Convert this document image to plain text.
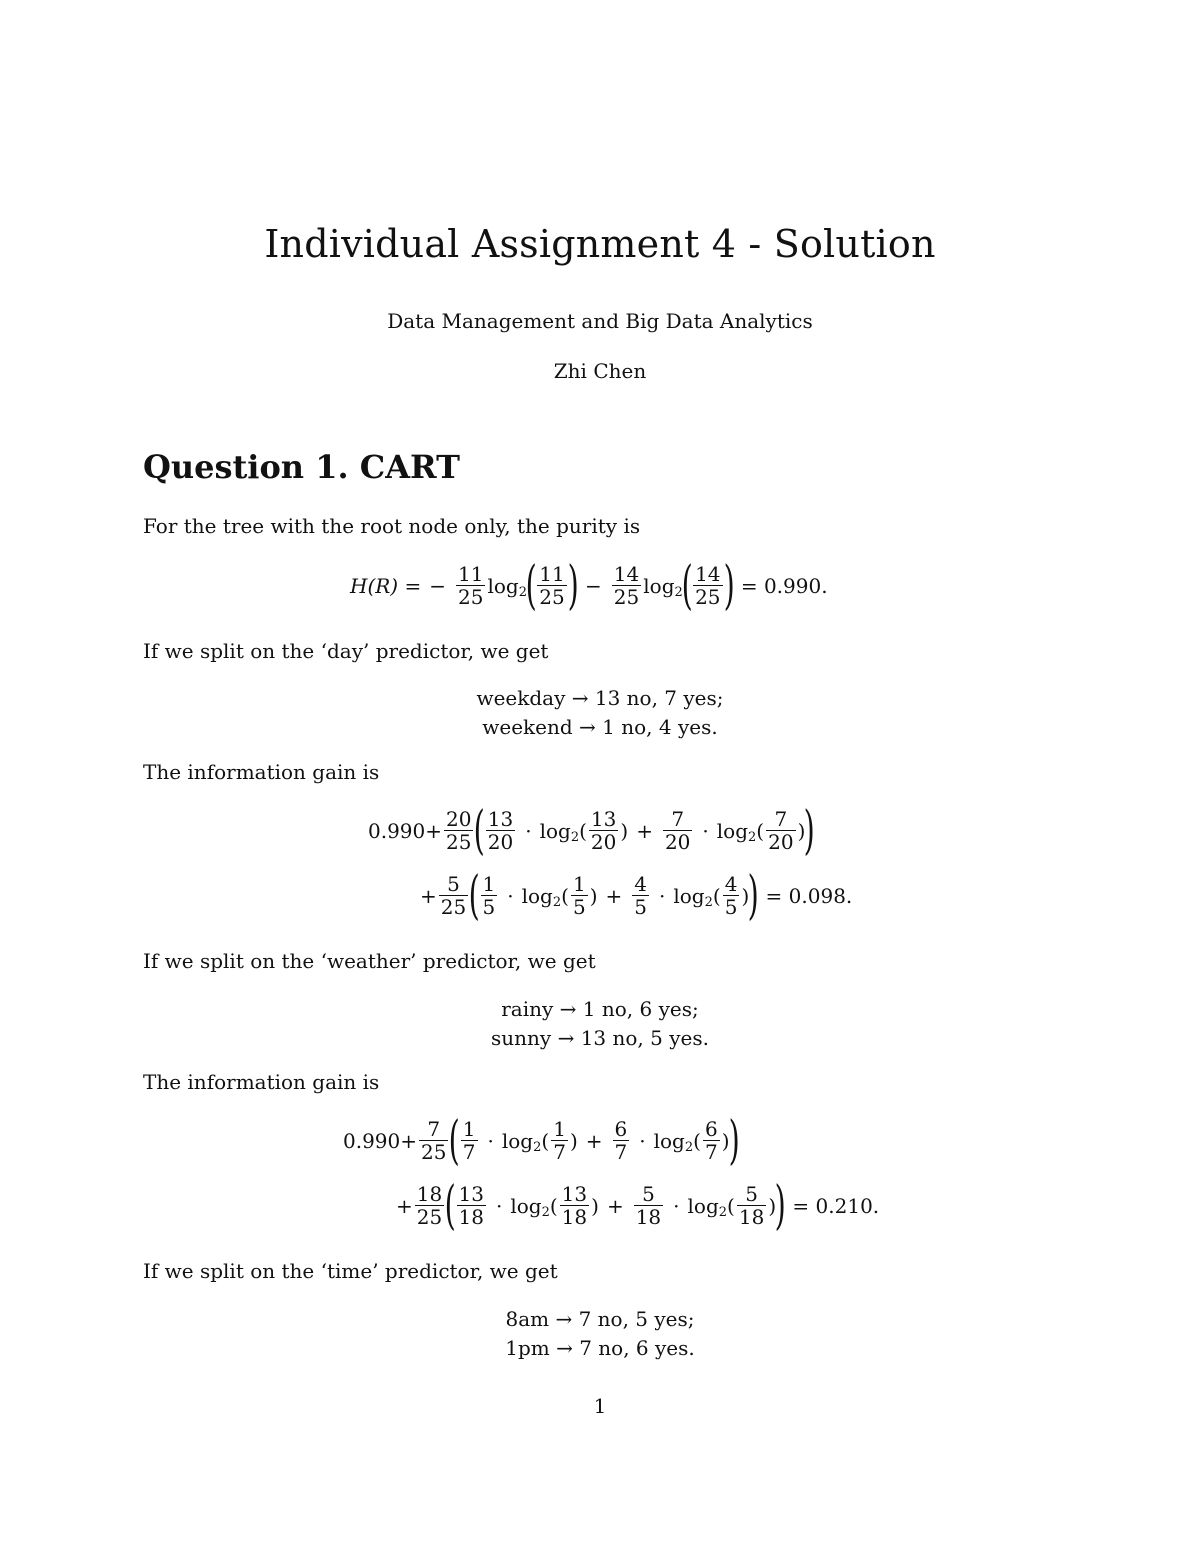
Individual Assignment 4 - Solution
Data Management and Big Data Analytics
Zhi Chen
Question 1. CART
For the tree with the root node only, the purity is
H(R) = − $\frac{11}{25}$ log 2
( $\frac{11}{25}$ ) − $\frac{14}{25}$ log 2
( $\frac{14}{25}$ ) = 0.990.
If we split on the ‘day’ predictor, we get
weekday → 13 no, 7 yes;
weekend → 1 no, 4 yes.
The information gain is
$0.990+ \frac{20}{25}$ ( $\frac{13}{20} \cdot \log 2$ ( $\frac{13}{20}$ ) + $\frac{7}{20} \cdot \log 2$ ( $\frac{7}{20}$ )
)
+ $\frac{5}{25}$ ( $\frac{1}{5} \cdot \log 2$ ( $\frac{1}{5}$ ) + $\frac{4}{5} \cdot \log 2$ ( $\frac{4}{5}$ )
) = 0.098.
If we split on the ‘weather’ predictor, we get
rainy → 1 no, 6 yes;
sunny → 13 no, 5 yes.
The information gain is
$0.990+ \frac{7}{25}$ ( $\frac{1}{7} \cdot \log 2$ ( $\frac{1}{7}$ ) + $\frac{6}{7} \cdot \log 2$ ( $\frac{6}{7}$ )
)
+ $\frac{18}{25}$ ( $\frac{13}{18} \cdot \log 2$ ( $\frac{13}{18}$ ) + $\frac{5}{18} \cdot \log 2$ ( $\frac{5}{18}$ )
) = 0.210.
If we split on the ‘time’ predictor, we get
8am → 7 no, 5 yes;
1pm → 7 no, 6 yes.
1
